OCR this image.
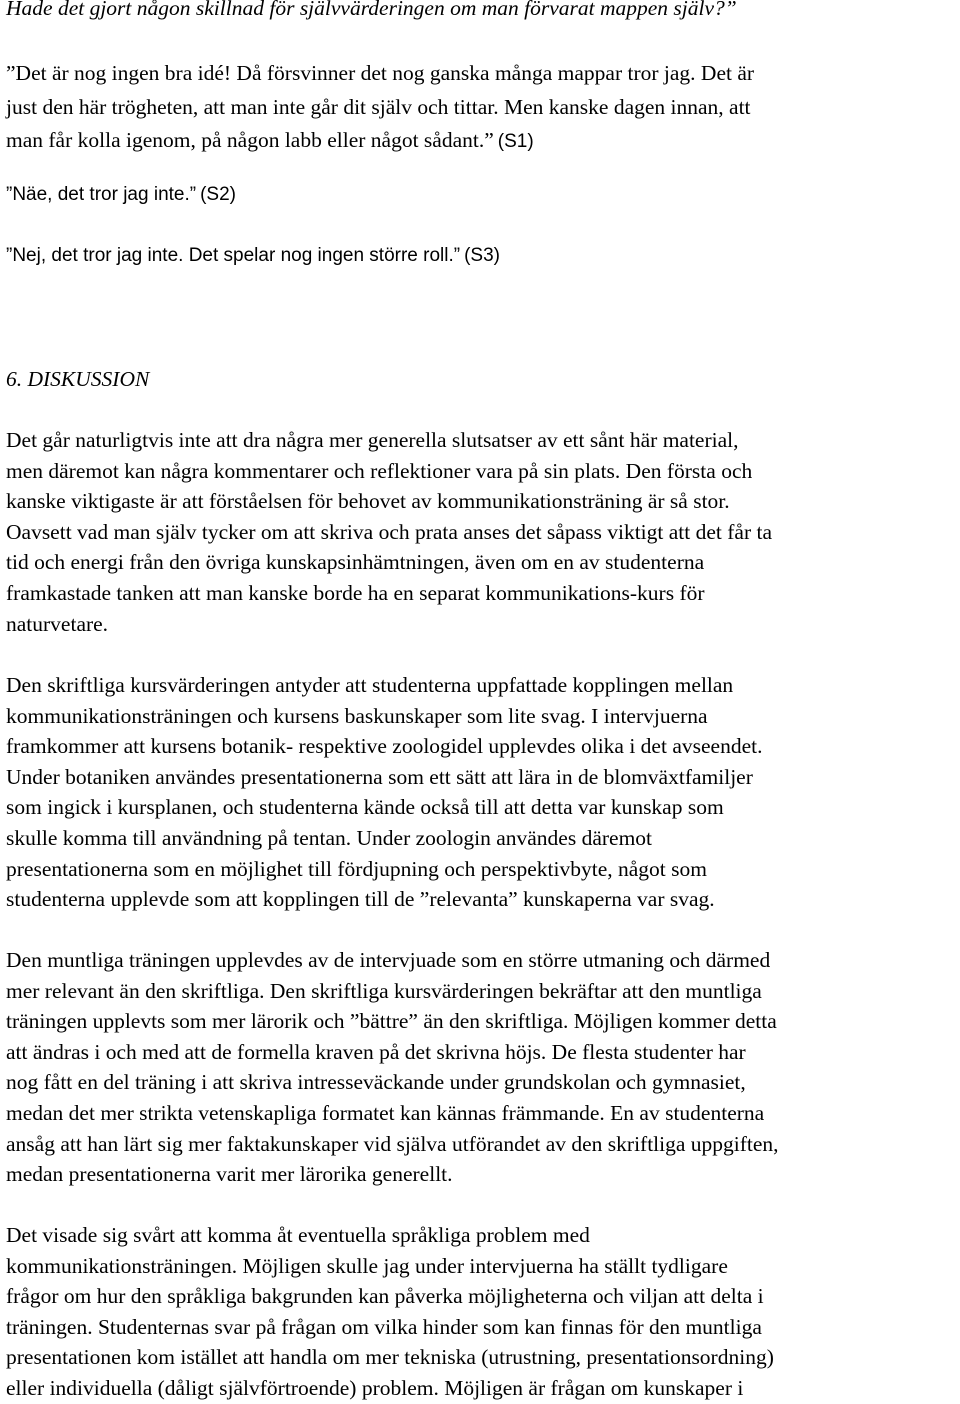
Hade det gjort någon skillnad för självvärderingen om man förvarat mappen själv?”
”Det är nog ingen bra idé! Då försvinner det nog ganska många mappar tror jag. Det är
just den här trögheten, att man inte går dit själv och tittar. Men kanske dagen innan, att
man får kolla igenom, på någon labb eller något sådant.” (S1)
”Näe, det tror jag inte.” (S2)
”Nej, det tror jag inte. Det spelar nog ingen större roll.” (S3)
6. DISKUSSION
Det går naturligtvis inte att dra några mer generella slutsatser av ett sånt här material,
men däremot kan några kommentarer och reflektioner vara på sin plats. Den första och
kanske viktigaste är att förståelsen för behovet av kommunikationsträning är så stor.
Oavsett vad man själv tycker om att skriva och prata anses det såpass viktigt att det får ta
tid och energi från den övriga kunskapsinhämtningen, även om en av studenterna
framkastade tanken att man kanske borde ha en separat kommunikations-kurs för
naturvetare.
Den skriftliga kursvärderingen antyder att studenterna uppfattade kopplingen mellan
kommunikationsträningen och kursens baskunskaper som lite svag. I intervjuerna
framkommer att kursens botanik- respektive zoologidel upplevdes olika i det avseendet.
Under botaniken användes presentationerna som ett sätt att lära in de blomväxtfamiljer
som ingick i kursplanen, och studenterna kände också till att detta var kunskap som
skulle komma till användning på tentan. Under zoologin användes däremot
presentationerna som en möjlighet till fördjupning och perspektivbyte, något som
studenterna upplevde som att kopplingen till de ”relevanta” kunskaperna var svag.
Den muntliga träningen upplevdes av de intervjuade som en större utmaning och därmed
mer relevant än den skriftliga. Den skriftliga kursvärderingen bekräftar att den muntliga
träningen upplevts som mer lärorik och ”bättre” än den skriftliga. Möjligen kommer detta
att ändras i och med att de formella kraven på det skrivna höjs. De flesta studenter har
nog fått en del träning i att skriva intresseväckande under grundskolan och gymnasiet,
medan det mer strikta vetenskapliga formatet kan kännas främmande. En av studenterna
ansåg att han lärt sig mer faktakunskaper vid själva utförandet av den skriftliga uppgiften,
medan presentationerna varit mer lärorika generellt.
Det visade sig svårt att komma åt eventuella språkliga problem med
kommunikationsträningen. Möjligen skulle jag under intervjuerna ha ställt tydligare
frågor om hur den språkliga bakgrunden kan påverka möjligheterna och viljan att delta i
träningen. Studenternas svar på frågan om vilka hinder som kan finnas för den muntliga
presentationen kom istället att handla om mer tekniska (utrustning, presentationsordning)
eller individuella (dåligt självförtroende) problem. Möjligen är frågan om kunskaper i
